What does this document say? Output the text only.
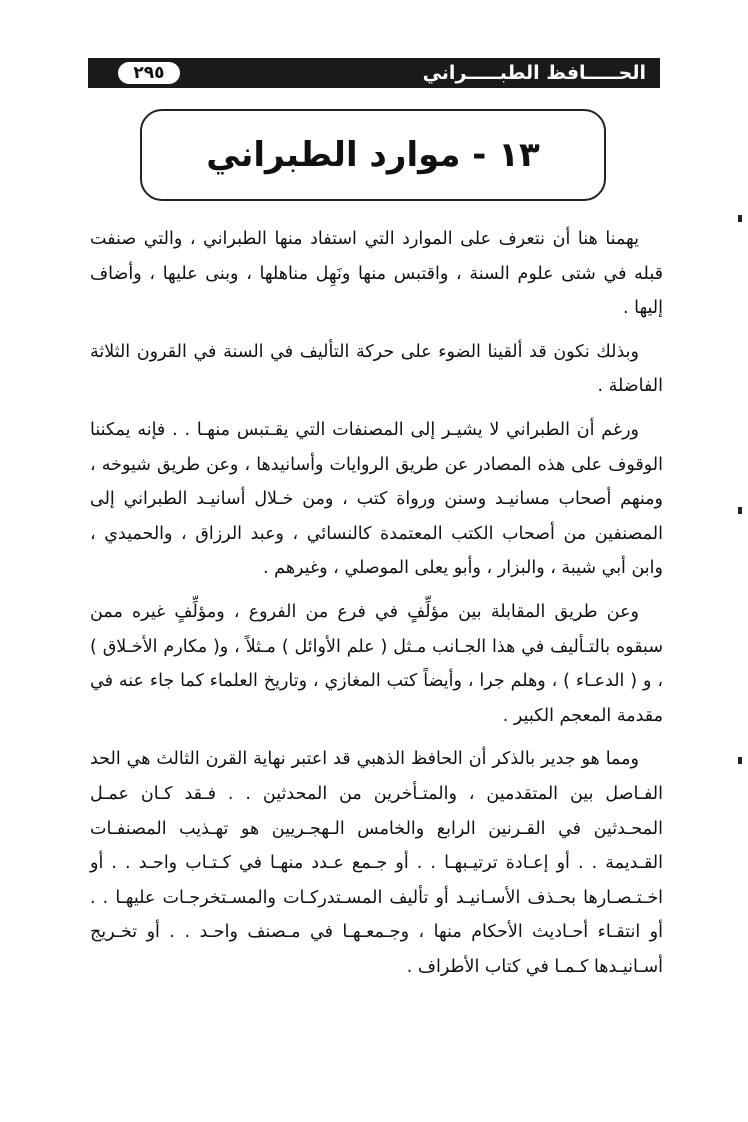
الحـــــافظ الطبـــــراني
٢٩٥
١٣ - موارد الطبراني

يهمنا هنا أن نتعرف على الموارد التي استفاد منها الطبراني ، والتي صنفت قبله في شتى علوم السنة ، واقتبس منها ونَهِل مناهلها ، وبنى عليها ، وأضاف إليها .

وبذلك نكون قد ألقينا الضوء على حركة التأليف في السنة في القرون الثلاثة الفاضلة .

ورغم أن الطبراني لا يشيـر إلى المصنفات التي يقـتبس منهـا . . فإنه يمكننا الوقوف على هذه المصادر عن طريق الروايات وأسانيدها ، وعن طريق شيوخه ، ومنهم أصحاب مسانيـد وسنن ورواة كتب ، ومن خـلال أسانيـد الطبراني إلى المصنفين من أصحاب الكتب المعتمدة كالنسائي ، وعبد الرزاق ، والحميدي ، وابن أبي شيبة ، والبزار ، وأبو يعلى الموصلي ، وغيرهم .

وعن طريق المقابلة بين مؤلِّفٍ في فرع من الفروع ، ومؤلِّفٍ غيره ممن سبقوه بالتـأليف في هذا الجـانب مـثل ( علم الأوائل ) مـثلاً ، و( مكارم الأخـلاق ) ، و ( الدعـاء ) ، وهلم جرا ، وأيضاً كتب المغازي ، وتاريخ العلماء كما جاء عنه في مقدمة المعجم الكبير .

ومما هو جدير بالذكر أن الحافظ الذهبي قد اعتبر نهاية القرن الثالث هي الحد الفـاصل بين المتقدمين ، والمتـأخرين من المحدثين . . فـقد كـان عمـل المحـدثين في القـرنين الرابع والخامس الـهجـريين هو تهـذيب المصنفـات القـديمة . . أو إعـادة ترتيـبهـا . . أو جـمع عـدد منهـا في كـتـاب واحـد . . أو اخـتـصـارها بحـذف الأسـانيـد أو تأليف المسـتدركـات والمسـتخرجـات عليهـا . . أو انتقـاء أحـاديث الأحكام منها ، وجـمعـهـا في مـصنف واحـد . . أو تخـريج أسـانيـدها كـمـا في كتاب الأطراف .
